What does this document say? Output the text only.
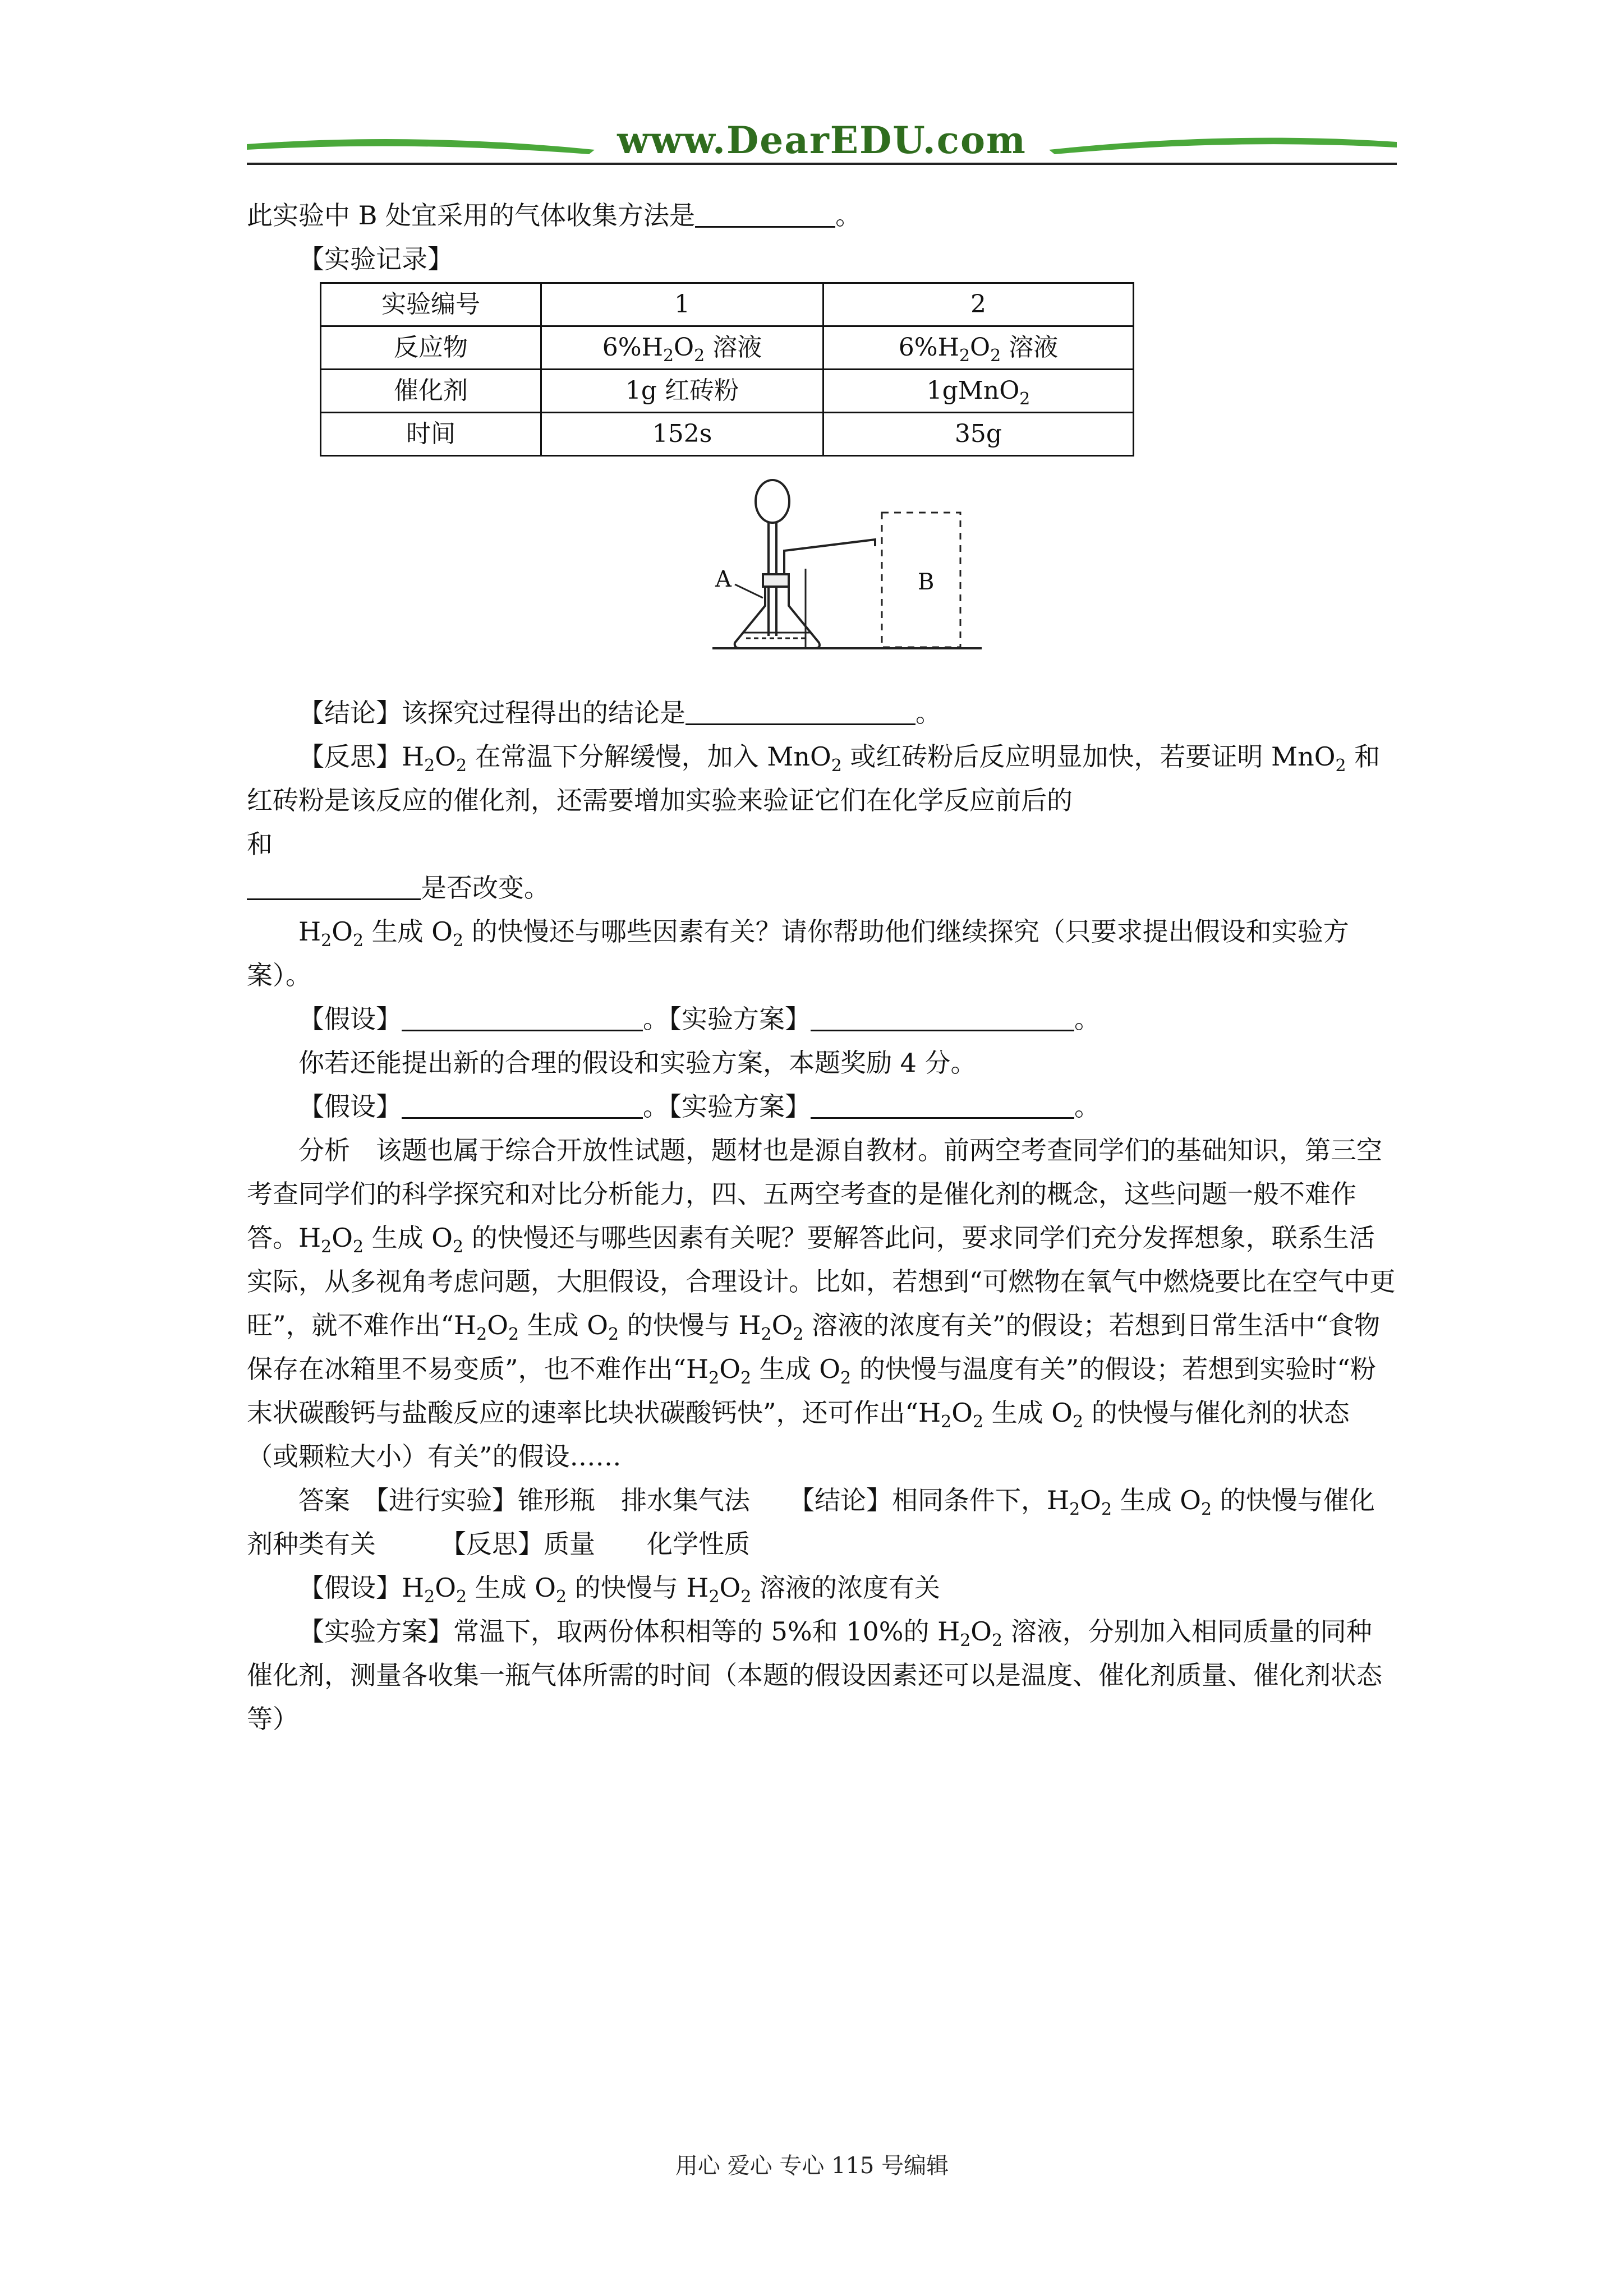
www.DearEDU.com

此实验中 B 处宜采用的气体收集方法是	。

【实验记录】

实验编号	1	2
反应物	$6\%H_2O_2$ 溶液	$6\%H_2O_2$ 溶液
催化剂	1g 红砖粉	1gMnO$_2$
时间	152s	35g
A	B

【结论】该探究过程得出的结论是	。

【反思】$H_2O_2$ 在常温下分解缓慢，加入 MnO$_2$ 或红砖粉后反应明显加快，若要证明 MnO$_2$ 和红砖粉是该反应的催化剂，还需要增加实验来验证它们在化学反应前后的

和

是否改变。

$H_2O_2$ 生成 $O_2$ 的快慢还与哪些因素有关？请你帮助他们继续探究（只要求提出假设和实验方案）。

【假设】	。【实验方案】	。

你若还能提出新的合理的假设和实验方案，本题奖励 4 分。

【假设】	。【实验方案】	。

分析　该题也属于综合开放性试题，题材也是源自教材。前两空考查同学们的基础知识，第三空考查同学们的科学探究和对比分析能力，四、五两空考查的是催化剂的概念，这些问题一般不难作答。$H_2O_2$ 生成 $O_2$ 的快慢还与哪些因素有关呢？要解答此问，要求同学们充分发挥想象，联系生活实际，从多视角考虑问题，大胆假设，合理设计。比如，若想到“可燃物在氧气中燃烧要比在空气中更旺”，就不难作出“$H_2O_2$ 生成 $O_2$ 的快慢与 $H_2O_2$ 溶液的浓度有关”的假设；若想到日常生活中“食物保存在冰箱里不易变质”，也不难作出“$H_2O_2$ 生成 $O_2$ 的快慢与温度有关”的假设；若想到实验时“粉末状碳酸钙与盐酸反应的速率比块状碳酸钙快”，还可作出“$H_2O_2$ 生成 $O_2$ 的快慢与催化剂的状态（或颗粒大小）有关”的假设……

答案　【进行实验】锥形瓶　排水集气法　　【结论】相同条件下，$H_2O_2$ 生成 $O_2$ 的快慢与催化剂种类有关　　　【反思】质量　　化学性质

【假设】$H_2O_2$ 生成 $O_2$ 的快慢与 $H_2O_2$ 溶液的浓度有关

【实验方案】常温下，取两份体积相等的 5%和 10%的 $H_2O_2$ 溶液，分别加入相同质量的同种催化剂，测量各收集一瓶气体所需的时间（本题的假设因素还可以是温度、催化剂质量、催化剂状态等）

用心 爱心 专心 115 号编辑
